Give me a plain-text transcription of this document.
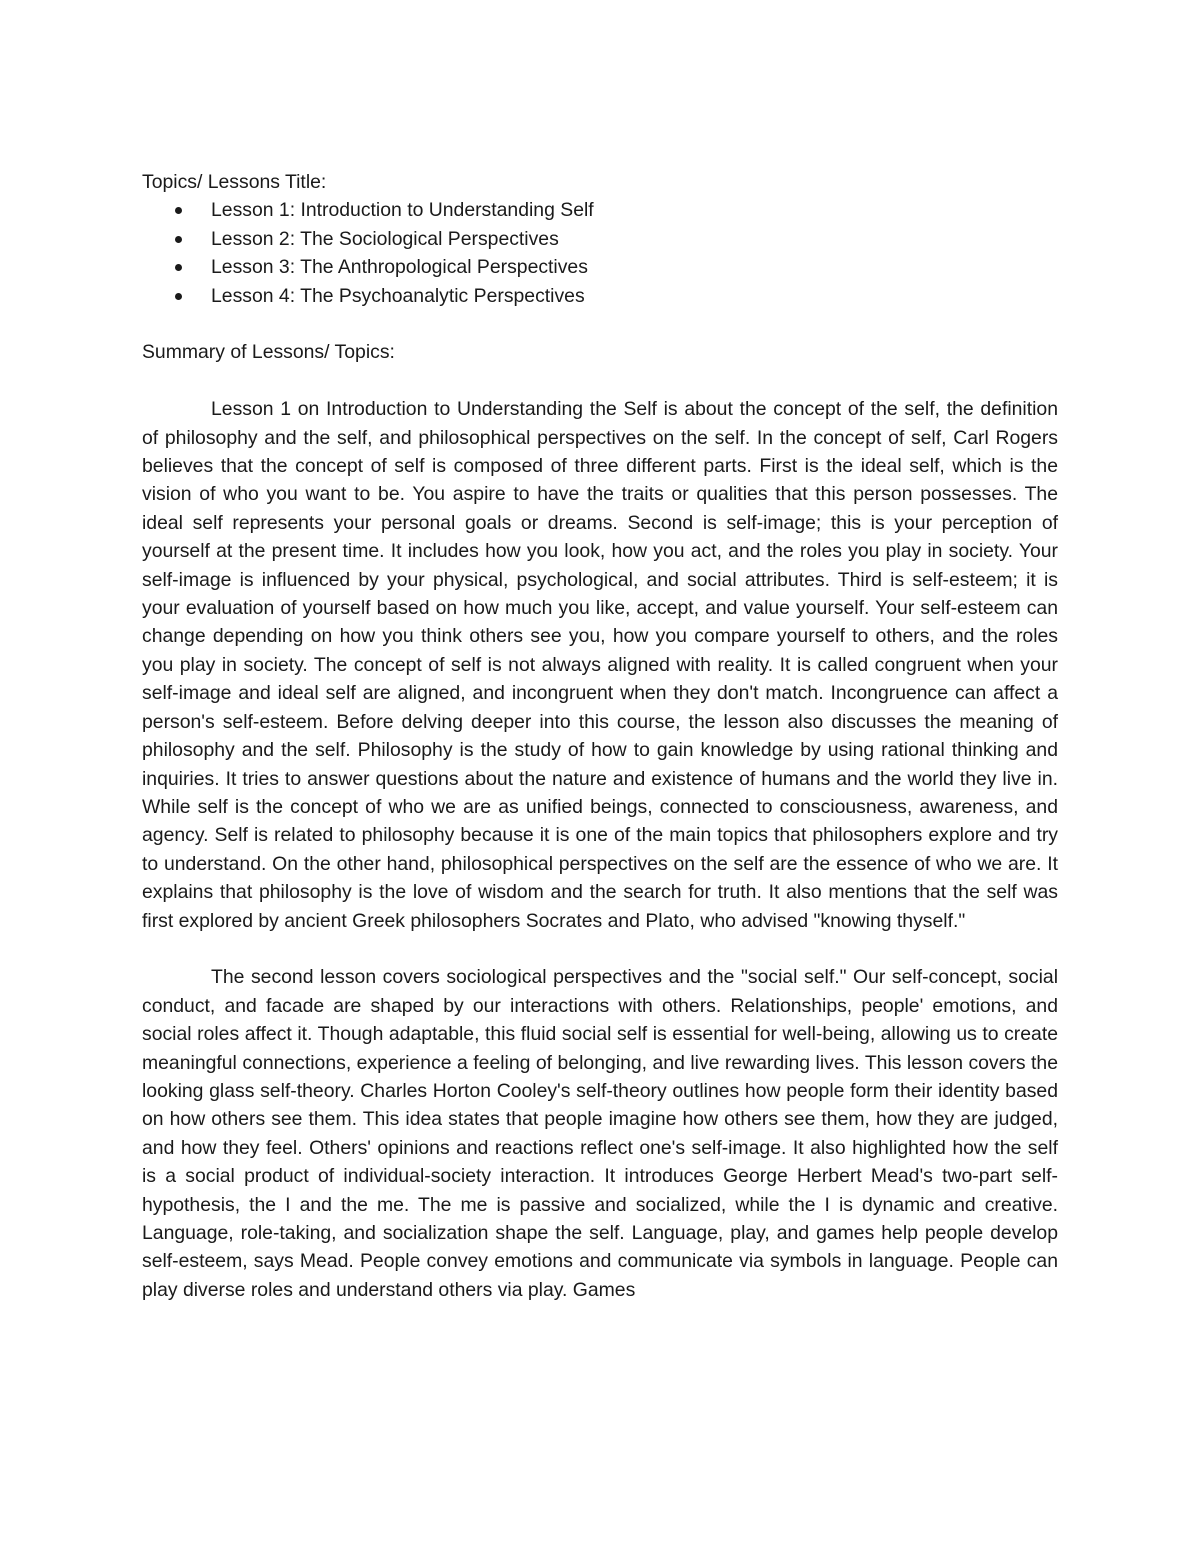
Topics/ Lessons Title:

Lesson 1: Introduction to Understanding Self
Lesson 2: The Sociological Perspectives
Lesson 3: The Anthropological Perspectives
Lesson 4: The Psychoanalytic Perspectives

Summary of Lessons/ Topics:

Lesson 1 on Introduction to Understanding the Self is about the concept of the self, the definition of philosophy and the self, and philosophical perspectives on the self. In the concept of self, Carl Rogers believes that the concept of self is composed of three different parts. First is the ideal self, which is the vision of who you want to be. You aspire to have the traits or qualities that this person possesses. The ideal self represents your personal goals or dreams. Second is self-image; this is your perception of yourself at the present time. It includes how you look, how you act, and the roles you play in society. Your self-image is influenced by your physical, psychological, and social attributes. Third is self-esteem; it is your evaluation of yourself based on how much you like, accept, and value yourself. Your self-esteem can change depending on how you think others see you, how you compare yourself to others, and the roles you play in society. The concept of self is not always aligned with reality. It is called congruent when your self-image and ideal self are aligned, and incongruent when they don't match. Incongruence can affect a person's self-esteem. Before delving deeper into this course, the lesson also discusses the meaning of philosophy and the self. Philosophy is the study of how to gain knowledge by using rational thinking and inquiries. It tries to answer questions about the nature and existence of humans and the world they live in. While self is the concept of who we are as unified beings, connected to consciousness, awareness, and agency. Self is related to philosophy because it is one of the main topics that philosophers explore and try to understand. On the other hand, philosophical perspectives on the self are the essence of who we are. It explains that philosophy is the love of wisdom and the search for truth. It also mentions that the self was first explored by ancient Greek philosophers Socrates and Plato, who advised "knowing thyself."

The second lesson covers sociological perspectives and the "social self." Our self-concept, social conduct, and facade are shaped by our interactions with others. Relationships, people' emotions, and social roles affect it. Though adaptable, this fluid social self is essential for well-being, allowing us to create meaningful connections, experience a feeling of belonging, and live rewarding lives. This lesson covers the looking glass self-theory. Charles Horton Cooley's self-theory outlines how people form their identity based on how others see them. This idea states that people imagine how others see them, how they are judged, and how they feel. Others' opinions and reactions reflect one's self-image. It also highlighted how the self is a social product of individual-society interaction. It introduces George Herbert Mead's two-part self-hypothesis, the I and the me. The me is passive and socialized, while the I is dynamic and creative. Language, role-taking, and socialization shape the self. Language, play, and games help people develop self-esteem, says Mead. People convey emotions and communicate via symbols in language. People can play diverse roles and understand others via play. Games
